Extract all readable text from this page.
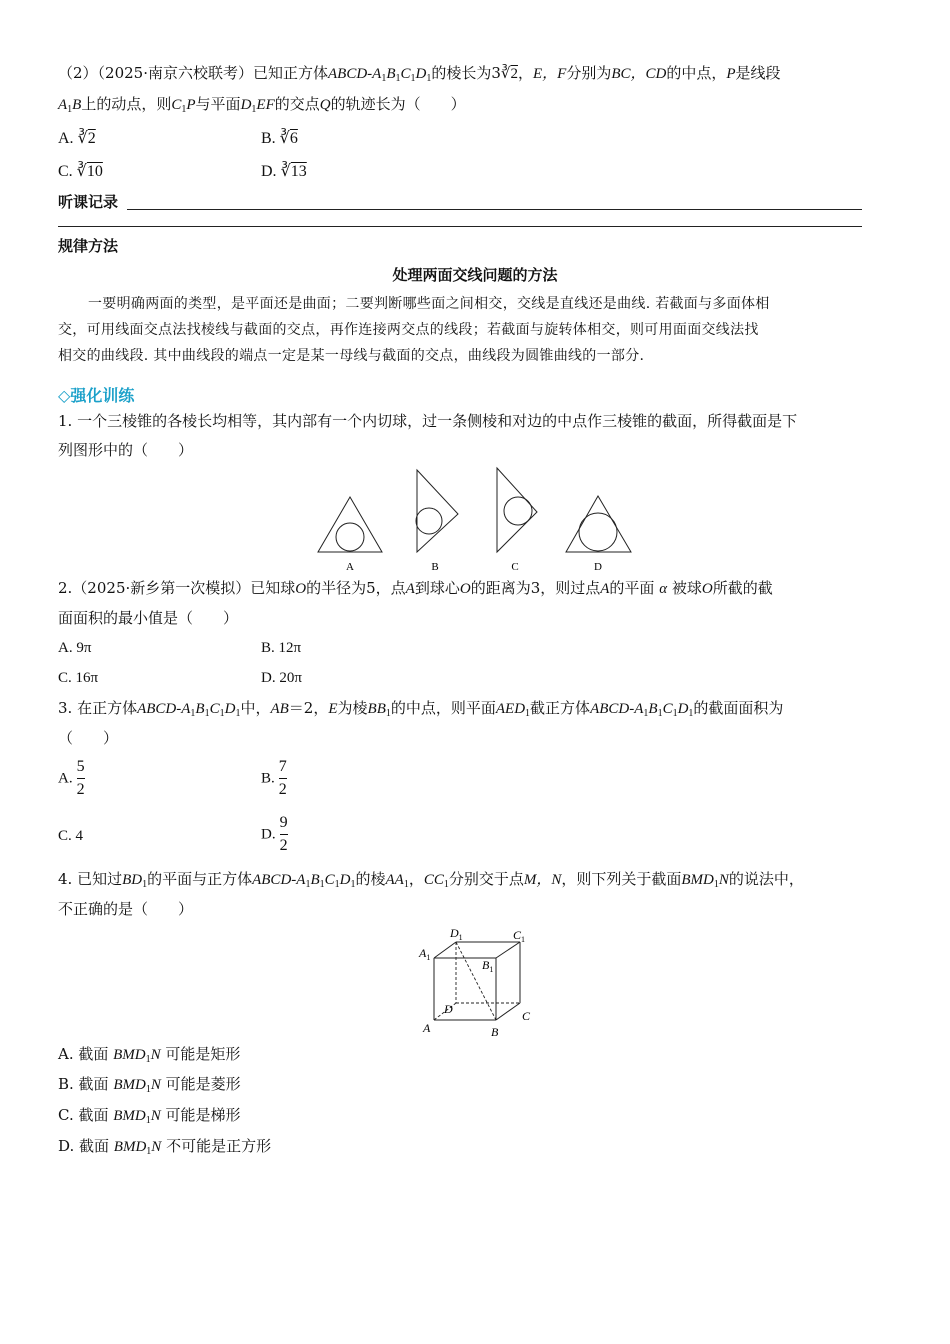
（2）（2025·南京六校联考）已知正方体ABCD-$A_1B_1C_1D_1$的棱长为3∛2，E，F分别为BC，CD的中点，P是线段
$A_1B$上的动点，则$C_1P$与平面$D_1EF$的交点Q的轨迹长为（　　）
A. ∛2	B. ∛6
C. ∛10	D. ∛13
听课记录
规律方法
处理两面交线问题的方法
一要明确两面的类型，是平面还是曲面；二要判断哪些面之间相交，交线是直线还是曲线. 若截面与多面体相
交，可用线面交点法找棱线与截面的交点，再作连接两交点的线段；若截面与旋转体相交，则可用面面交线法找
相交的曲线段. 其中曲线段的端点一定是某一母线与截面的交点，曲线段为圆锥曲线的一部分.
◇强化训练
1. 一个三棱锥的各棱长均相等，其内部有一个内切球，过一条侧棱和对边的中点作三棱锥的截面，所得截面是下
列图形中的（　　）
A	B	C	D
2.（2025·新乡第一次模拟）已知球O的半径为5，点A到球心O的距离为3，则过点A的平面 α 被球O所截的截
面面积的最小值是（　　）
A. 9π	B. 12π
C. 16π	D. 20π
3. 在正方体ABCD-$A_1B_1C_1D_1$中，AB＝2，E为棱$BB_1$的中点，则平面$AED_1$截正方体ABCD-$A_1B_1C_1D_1$的截面面积为
（　　）
A. $\frac{5}{2}$	B. $\frac{7}{2}$
C. 4	D. $\frac{9}{2}$
4. 已知过$BD_1$的平面与正方体ABCD-$A_1B_1C_1D_1$的棱$AA_1$，$CC_1$分别交于点M，N，则下列关于截面$BMD_1N$的说法中，
不正确的是（　　）
$D_1$	$C_1$
$A_1$
$B_1$
D	C
A	B
A. 截面 $BMD_1N$ 可能是矩形
B. 截面 $BMD_1N$ 可能是菱形
C. 截面 $BMD_1N$ 可能是梯形
D. 截面 $BMD_1N$ 不可能是正方形
